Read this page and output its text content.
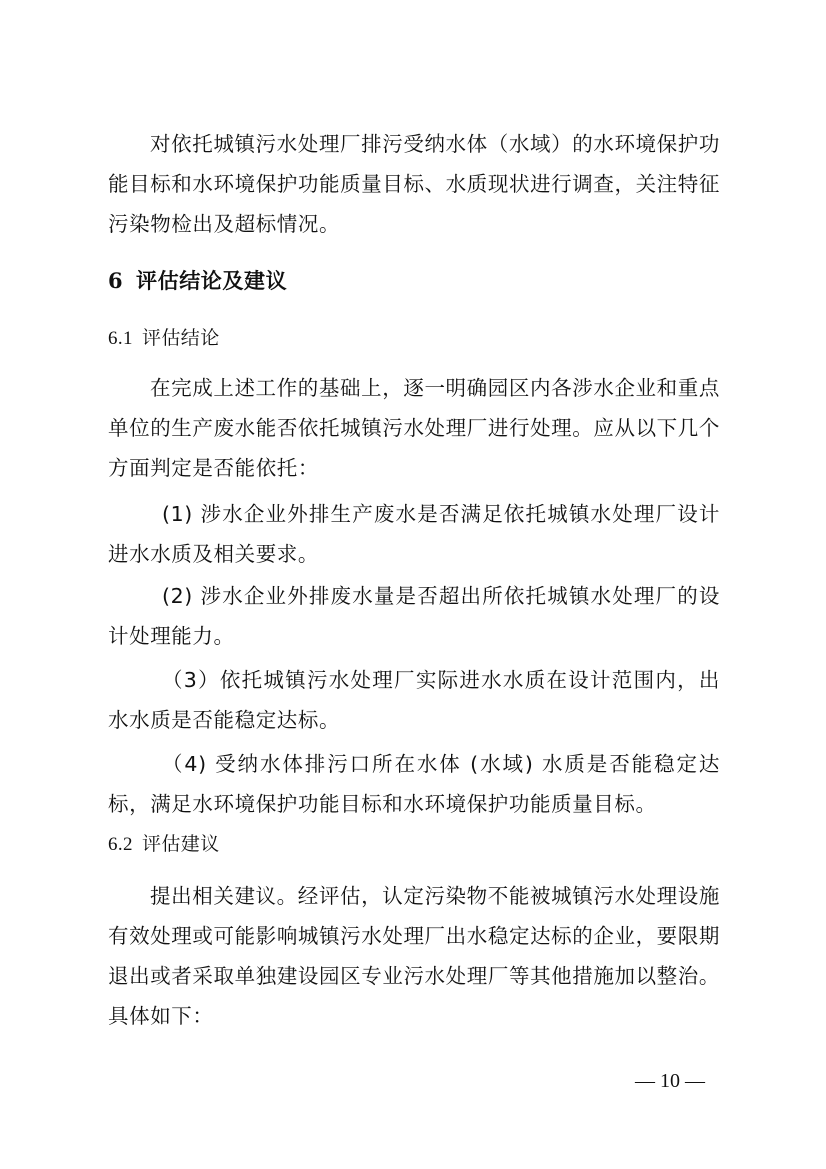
对依托城镇污水处理厂排污受纳水体（水域）的水环境保护功能目标和水环境保护功能质量目标、水质现状进行调查，关注特征污染物检出及超标情况。

6 评估结论及建议
6.1 评估结论

在完成上述工作的基础上，逐一明确园区内各涉水企业和重点单位的生产废水能否依托城镇污水处理厂进行处理。应从以下几个方面判定是否能依托：

(1) 涉水企业外排生产废水是否满足依托城镇水处理厂设计进水水质及相关要求。

(2) 涉水企业外排废水量是否超出所依托城镇水处理厂的设计处理能力。

（3）依托城镇污水处理厂实际进水水质在设计范围内，出水水质是否能稳定达标。

（4) 受纳水体排污口所在水体 (水域) 水质是否能稳定达标，满足水环境保护功能目标和水环境保护功能质量目标。

6.2 评估建议

提出相关建议。经评估，认定污染物不能被城镇污水处理设施有效处理或可能影响城镇污水处理厂出水稳定达标的企业，要限期退出或者采取单独建设园区专业污水处理厂等其他措施加以整治。具体如下：

— 10 —
